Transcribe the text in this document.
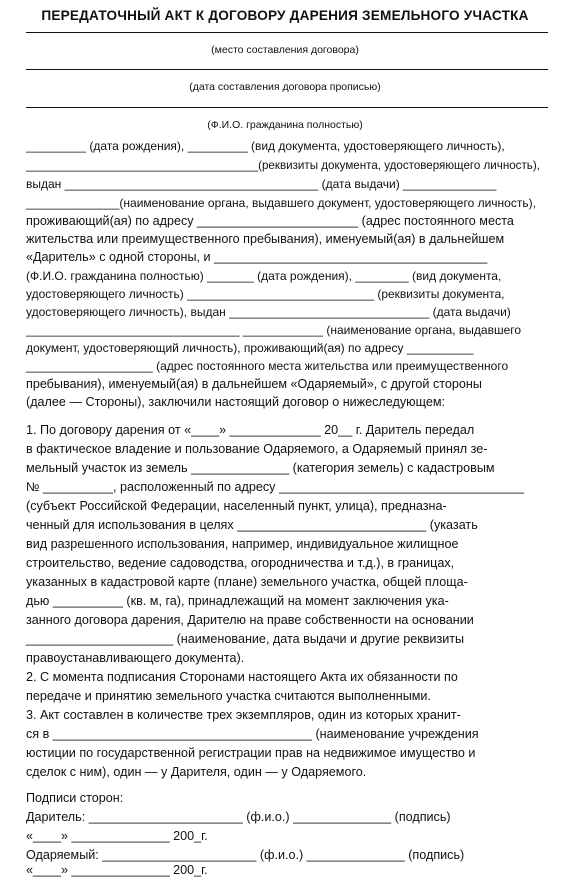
ПЕРЕДАТОЧНЫЙ АКТ К ДОГОВОРУ ДАРЕНИЯ ЗЕМЕЛЬНОГО УЧАСТКА
(место составления договора)
(дата составления договора прописью)
(Ф.И.О. гражданина полностью)
_________ (дата рождения), _________ (вид документа, удостоверяющего личность),
____________________________________(реквизиты документа, удостоверяющего личность),
выдан ______________________________________ (дата выдачи) ______________
______________(наименование органа, выдавшего документ, удостоверяющего личность),
проживающий(ая) по адресу _______________________ (адрес постоянного места
жительства или преимущественного пребывания), именуемый(ая) в дальнейшем
«Даритель» с одной стороны, и _______________________________________
(Ф.И.О. гражданина полностью) _______ (дата рождения), ________ (вид документа,
удостоверяющего личность) ____________________________ (реквизиты документа,
удостоверяющего личность), выдан ______________________________ (дата выдачи)
________________________________ ____________ (наименование органа, выдавшего
документ, удостоверяющий личность), проживающий(ая) по адресу __________
___________________ (адрес постоянного места жительства или преимущественного
пребывания), именуемый(ая) в дальнейшем «Одаряемый», с другой стороны
(далее — Стороны), заключили настоящий договор о нижеследующем:
1. По договору дарения от «____» _____________ 20__ г. Даритель передал
в фактическое владение и пользование Одаряемого, а Одаряемый принял зе-
мельный участок из земель ______________ (категория земель) с кадастровым
№ __________, расположенный по адресу ___________________________________
(субъект Российской Федерации, населенный пункт, улица), предназна-
ченный для использования в целях ___________________________ (указать
вид разрешенного использования, например, индивидуальное жилищное
строительство, ведение садоводства, огородничества и т.д.), в границах,
указанных в кадастровой карте (плане) земельного участка, общей площа-
дью __________ (кв. м, га), принадлежащий на момент заключения ука-
занного договора дарения, Дарителю на праве собственности на основании
_____________________ (наименование, дата выдачи и другие реквизиты
правоустанавливающего документа).
2. С момента подписания Сторонами настоящего Акта их обязанности по
передаче и принятию земельного участка считаются выполненными.
3. Акт составлен в количестве трех экземпляров, один из которых хранит-
ся в _____________________________________ (наименование учреждения
юстиции по государственной регистрации прав на недвижимое имущество и
сделок с ним), один — у Дарителя, один — у Одаряемого.
Подписи сторон:
Даритель: ______________________ (ф.и.о.) ______________ (подпись)
«____» ______________ 200_г.
Одаряемый: ______________________ (ф.и.о.) ______________ (подпись)
«____» ______________ 200_г.
